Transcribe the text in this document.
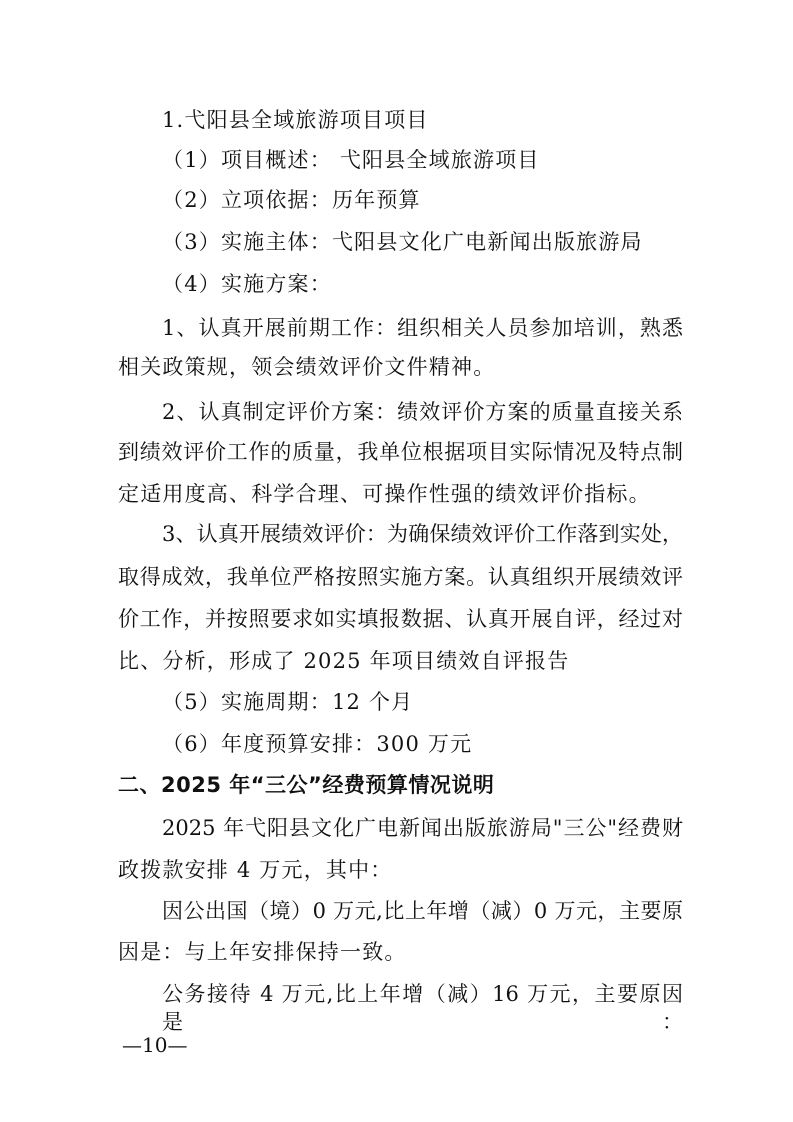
1.弋阳县全域旅游项目项目
（1）项目概述： 弋阳县全域旅游项目
（2）立项依据：历年预算
（3）实施主体：弋阳县文化广电新闻出版旅游局
（4）实施方案：
1、认真开展前期工作：组织相关人员参加培训，熟悉
相关政策规，领会绩效评价文件精神。
2、认真制定评价方案：绩效评价方案的质量直接关系
到绩效评价工作的质量，我单位根据项目实际情况及特点制
定适用度高、科学合理、可操作性强的绩效评价指标。
3、认真开展绩效评价：为确保绩效评价工作落到实处，
取得成效，我单位严格按照实施方案。认真组织开展绩效评
价工作，并按照要求如实填报数据、认真开展自评，经过对
比、分析，形成了 2025 年项目绩效自评报告
（5）实施周期：12 个月
（6）年度预算安排：300 万元
二、2025 年“三公”经费预算情况说明
2025 年弋阳县文化广电新闻出版旅游局"三公"经费财
政拨款安排 4 万元，其中：
因公出国（境）0 万元,比上年增（减）0 万元，主要原
因是：与上年安排保持一致。
公务接待 4 万元,比上年增（减）16 万元，主要原因是：
—10—
